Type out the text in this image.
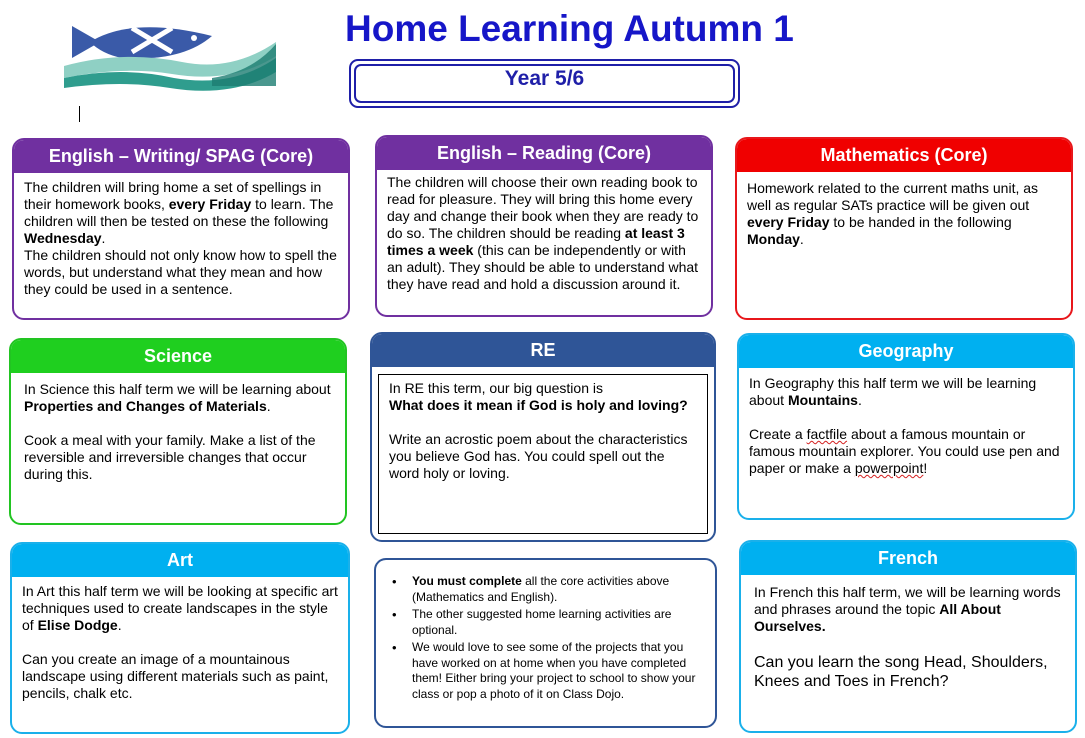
Home Learning Autumn 1
Year 5/6
English – Writing/ SPAG (Core)

The children will bring home a set of spellings in their homework books, every Friday to learn. The children will then be tested on these the following Wednesday.

The children should not only know how to spell the words, but understand what they mean and how they could be used in a sentence.

English – Reading (Core)

The children will choose their own reading book to read for pleasure. They will bring this home every day and change their book when they are ready to do so. The children should be reading at least 3 times a week (this can be independently or with an adult). They should be able to understand what they have read and hold a discussion around it.

Mathematics (Core)

Homework related to the current maths unit, as well as regular SATs practice will be given out every Friday to be handed in the following Monday.

Science

In Science this half term we will be learning about Properties and Changes of Materials.

Cook a meal with your family. Make a list of the reversible and irreversible changes that occur during this.

RE

In RE this term, our big question is

What does it mean if God is holy and loving?

Write an acrostic poem about the characteristics you believe God has. You could spell out the word holy or loving.

Geography

In Geography this half term we will be learning about Mountains.

Create a factfile about a famous mountain or famous mountain explorer. You could use pen and paper or make a powerpoint!

Art

In Art this half term we will be looking at specific art techniques used to create landscapes in the style of Elise Dodge.

Can you create an image of a mountainous landscape using different materials such as paint, pencils, chalk etc.

• You must complete all the core activities above (Mathematics and English).
• The other suggested home learning activities are optional.
• We would love to see some of the projects that you have worked on at home when you have completed them! Either bring your project to school to show your class or pop a photo of it on Class Dojo.
French

In French this half term, we will be learning words and phrases around the topic All About Ourselves.

Can you learn the song Head, Shoulders, Knees and Toes in French?
